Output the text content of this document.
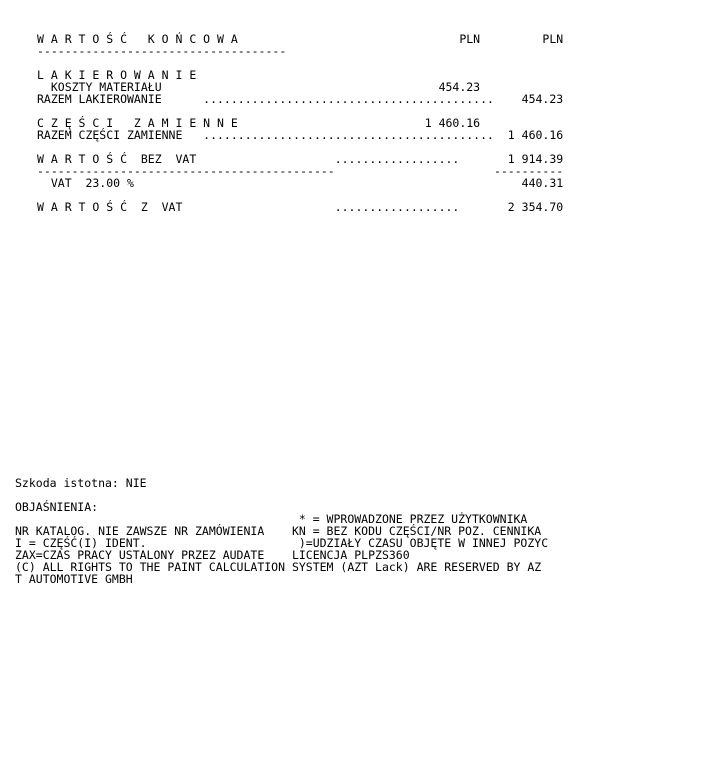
W A R T O Ś Ć   K O Ń C O W A                                PLN         PLN
------------------------------------
L A K I E R O W A N I E
KOSZTY MATERIAŁU                                        454.23
RAZEM LAKIEROWANIE      ..........................................    454.23
C Z Ę Ś C I   Z A M I E N N E                           1 460.16
RAZEM CZĘŚCI ZAMIENNE   ..........................................  1 460.16
W A R T O Ś Ć  BEZ  VAT                    ..................       1 914.39
-------------------------------------------                       ----------
VAT  23.00 %                                                        440.31
W A R T O Ś Ć  Z  VAT                      ..................       2 354.70
Szkoda istotna: NIE
OBJAŚNIENIA:
* = WPROWADZONE PRZEZ UŻYTKOWNIKA
NR KATALOG. NIE ZAWSZE NR ZAMÓWIENIA    KN = BEZ KODU CZĘŚCI/NR POZ. CENNIKA
I = CZĘŚĆ(I) IDENT.                      )=UDZIAŁY CZASU OBJĘTE W INNEJ POZYC
ZAX=CZAS PRACY USTALONY PRZEZ AUDATE    LICENCJA PLPZS360
(C) ALL RIGHTS TO THE PAINT CALCULATION SYSTEM (AZT Lack) ARE RESERVED BY AZ
T AUTOMOTIVE GMBH
